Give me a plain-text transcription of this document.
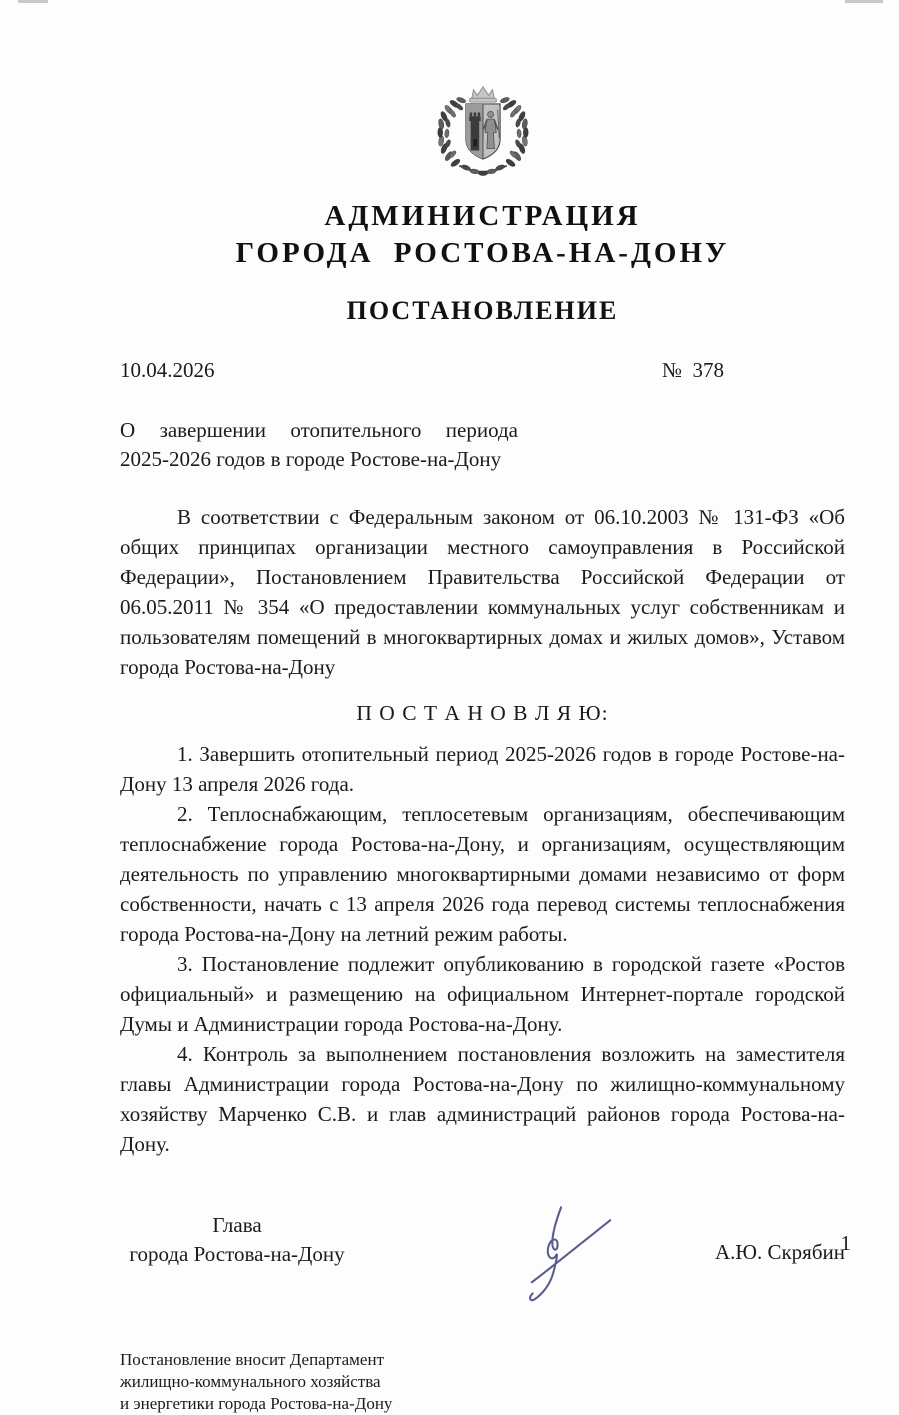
АДМИНИСТРАЦИЯ
ГОРОДА РОСТОВА-НА-ДОНУ
ПОСТАНОВЛЕНИЕ
10.04.2026	№  378
О завершении отопительного периода
2025-2026 годов в городе Ростове-на-Дону

В соответствии с Федеральным законом от 06.10.2003 № 131-ФЗ «Об общих принципах организации местного самоуправления в Российской Федерации», Постановлением Правительства Российской Федерации от 06.05.2011 № 354 «О предоставлении коммунальных услуг собственникам и пользователям помещений в многоквартирных домах и жилых домов», Уставом города Ростова-на-Дону

П О С Т А Н О В Л Я Ю:

1. Завершить отопительный период 2025-2026 годов в городе Ростове-на-Дону 13 апреля 2026 года.

2. Теплоснабжающим, теплосетевым организациям, обеспечивающим теплоснабжение города Ростова-на-Дону, и организациям, осуществляющим деятельность по управлению многоквартирными домами независимо от форм собственности, начать с 13 апреля 2026 года перевод системы теплоснабжения города Ростова-на-Дону на летний режим работы.

3. Постановление подлежит опубликованию в городской газете «Ростов официальный» и размещению на официальном Интернет-портале городской Думы и Администрации города Ростова-на-Дону.

4. Контроль за выполнением постановления возложить на заместителя главы Администрации города Ростова-на-Дону по жилищно-коммунальному хозяйству Марченко С.В. и глав администраций районов города Ростова-на-Дону.

Глава
города Ростова-на-Дону	А.Ю. Скрябин
Постановление вносит Департамент
жилищно-коммунального хозяйства
и энергетики города Ростова-на-Дону
1
